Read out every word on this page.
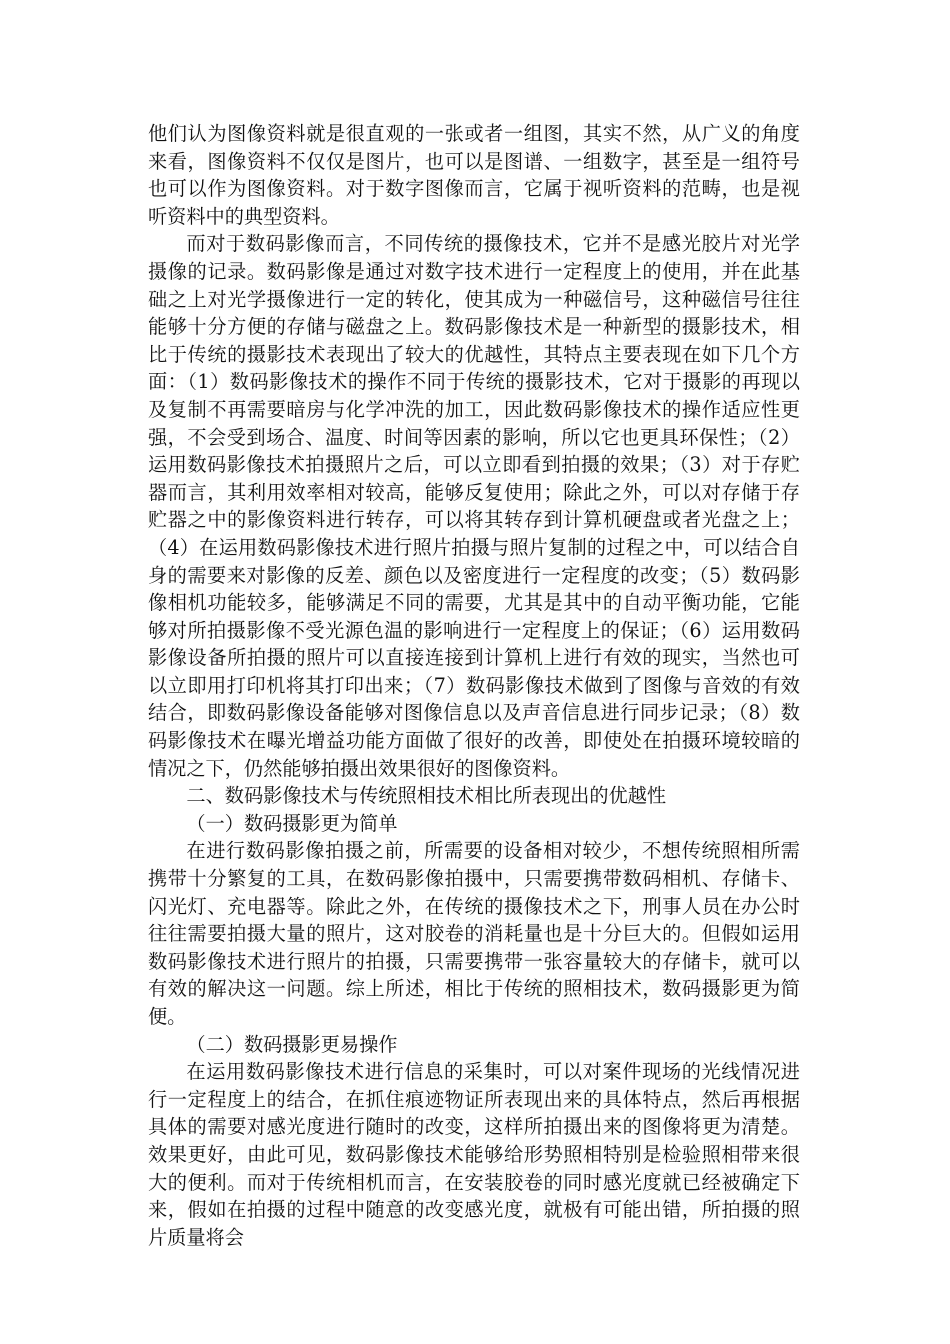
他们认为图像资料就是很直观的一张或者一组图，其实不然，从广义的角度来看，图像资料不仅仅是图片，也可以是图谱、一组数字，甚至是一组符号也可以作为图像资料。对于数字图像而言，它属于视听资料的范畴，也是视听资料中的典型资料。

而对于数码影像而言，不同传统的摄像技术，它并不是感光胶片对光学摄像的记录。数码影像是通过对数字技术进行一定程度上的使用，并在此基础之上对光学摄像进行一定的转化，使其成为一种磁信号，这种磁信号往往能够十分方便的存储与磁盘之上。数码影像技术是一种新型的摄影技术，相比于传统的摄影技术表现出了较大的优越性，其特点主要表现在如下几个方面：（1）数码影像技术的操作不同于传统的摄影技术，它对于摄影的再现以及复制不再需要暗房与化学冲洗的加工，因此数码影像技术的操作适应性更强，不会受到场合、温度、时间等因素的影响，所以它也更具环保性；（2）运用数码影像技术拍摄照片之后，可以立即看到拍摄的效果；（3）对于存贮器而言，其利用效率相对较高，能够反复使用；除此之外，可以对存储于存贮器之中的影像资料进行转存，可以将其转存到计算机硬盘或者光盘之上；（4）在运用数码影像技术进行照片拍摄与照片复制的过程之中，可以结合自身的需要来对影像的反差、颜色以及密度进行一定程度的改变；（5）数码影像相机功能较多，能够满足不同的需要，尤其是其中的自动平衡功能，它能够对所拍摄影像不受光源色温的影响进行一定程度上的保证；（6）运用数码影像设备所拍摄的照片可以直接连接到计算机上进行有效的现实，当然也可以立即用打印机将其打印出来；（7）数码影像技术做到了图像与音效的有效结合，即数码影像设备能够对图像信息以及声音信息进行同步记录；（8）数码影像技术在曝光增益功能方面做了很好的改善，即使处在拍摄环境较暗的情况之下，仍然能够拍摄出效果很好的图像资料。

二、数码影像技术与传统照相技术相比所表现出的优越性

（一）数码摄影更为简单

在进行数码影像拍摄之前，所需要的设备相对较少，不想传统照相所需携带十分繁复的工具，在数码影像拍摄中，只需要携带数码相机、存储卡、闪光灯、充电器等。除此之外，在传统的摄像技术之下，刑事人员在办公时往往需要拍摄大量的照片，这对胶卷的消耗量也是十分巨大的。但假如运用数码影像技术进行照片的拍摄，只需要携带一张容量较大的存储卡，就可以有效的解决这一问题。综上所述，相比于传统的照相技术，数码摄影更为简便。

（二）数码摄影更易操作

在运用数码影像技术进行信息的采集时，可以对案件现场的光线情况进行一定程度上的结合，在抓住痕迹物证所表现出来的具体特点，然后再根据具体的需要对感光度进行随时的改变，这样所拍摄出来的图像将更为清楚。效果更好，由此可见，数码影像技术能够给形势照相特别是检验照相带来很大的便利。而对于传统相机而言，在安装胶卷的同时感光度就已经被确定下来，假如在拍摄的过程中随意的改变感光度，就极有可能出错，所拍摄的照片质量将会
